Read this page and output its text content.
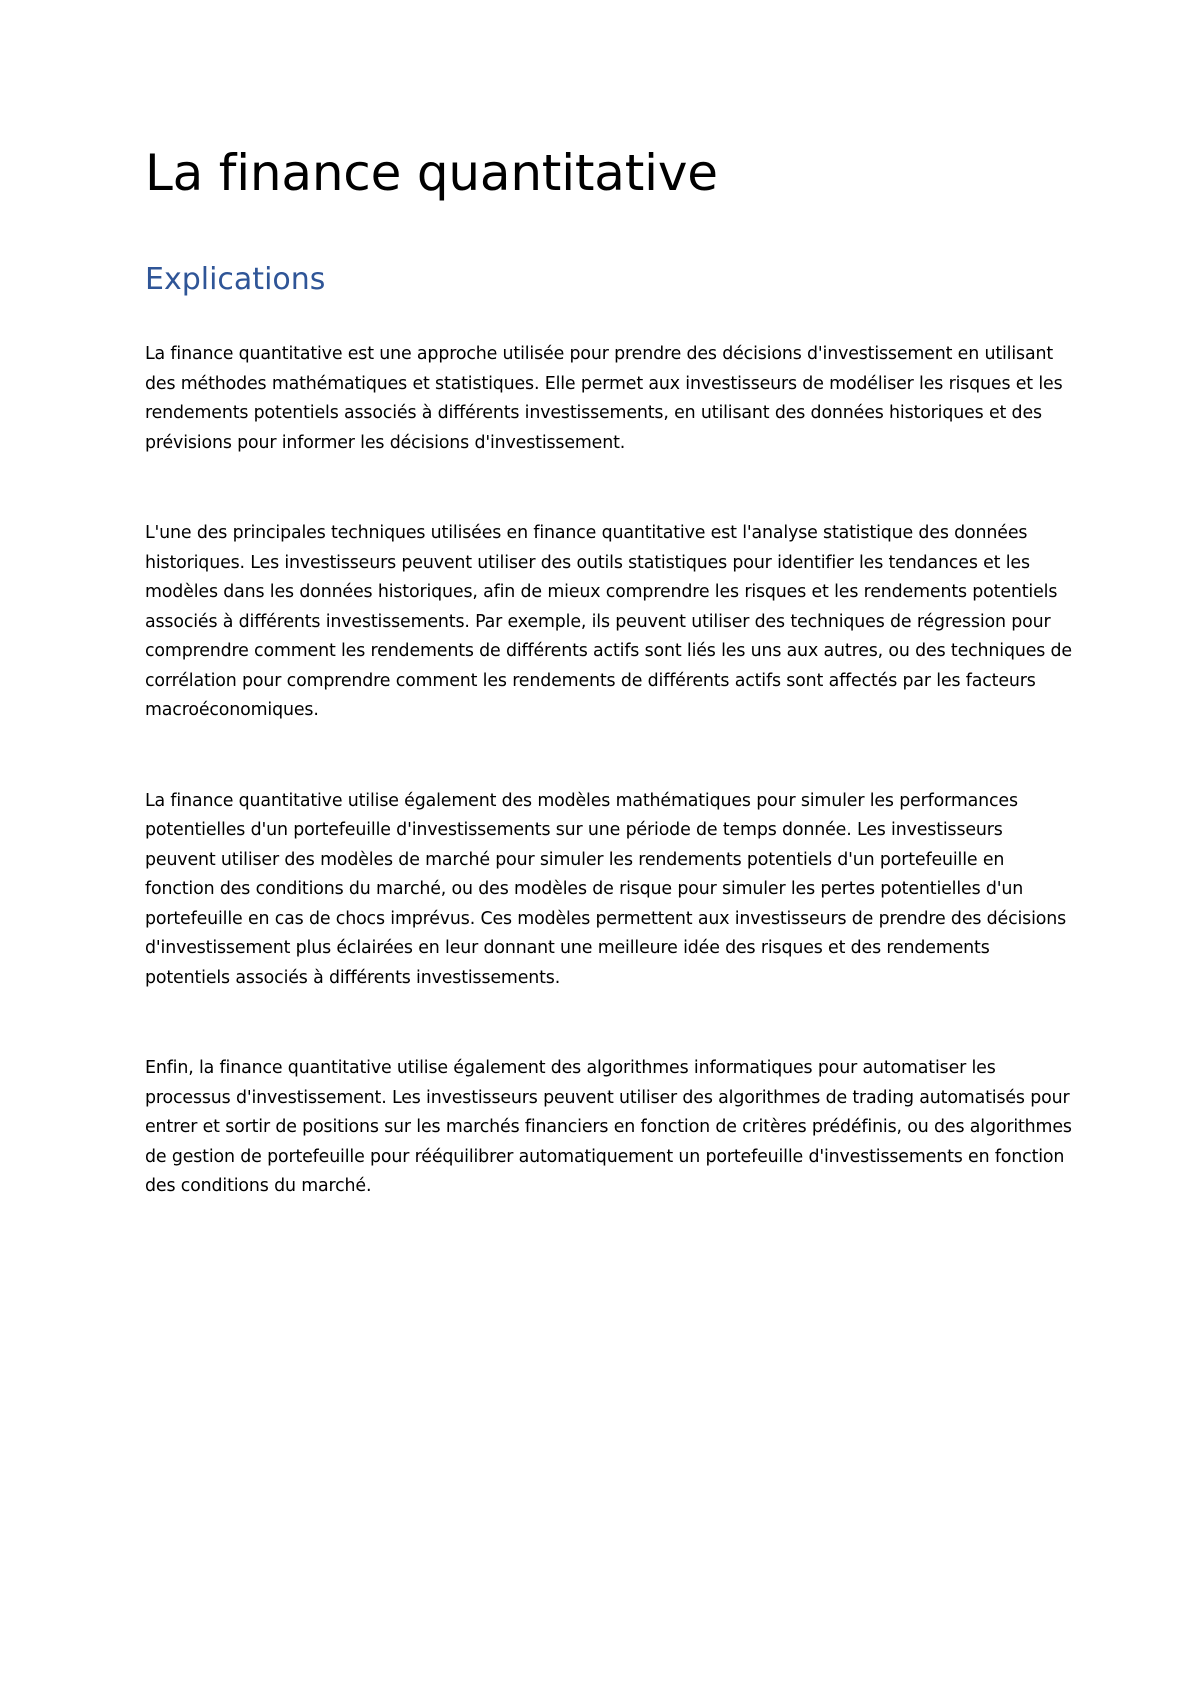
La finance quantitative
Explications

La finance quantitative est une approche utilisée pour prendre des décisions d'investissement en utilisant des méthodes mathématiques et statistiques. Elle permet aux investisseurs de modéliser les risques et les rendements potentiels associés à différents investissements, en utilisant des données historiques et des prévisions pour informer les décisions d'investissement.

L'une des principales techniques utilisées en finance quantitative est l'analyse statistique des données historiques. Les investisseurs peuvent utiliser des outils statistiques pour identifier les tendances et les modèles dans les données historiques, afin de mieux comprendre les risques et les rendements potentiels associés à différents investissements. Par exemple, ils peuvent utiliser des techniques de régression pour comprendre comment les rendements de différents actifs sont liés les uns aux autres, ou des techniques de corrélation pour comprendre comment les rendements de différents actifs sont affectés par les facteurs macroéconomiques.

La finance quantitative utilise également des modèles mathématiques pour simuler les performances potentielles d'un portefeuille d'investissements sur une période de temps donnée. Les investisseurs peuvent utiliser des modèles de marché pour simuler les rendements potentiels d'un portefeuille en fonction des conditions du marché, ou des modèles de risque pour simuler les pertes potentielles d'un portefeuille en cas de chocs imprévus. Ces modèles permettent aux investisseurs de prendre des décisions d'investissement plus éclairées en leur donnant une meilleure idée des risques et des rendements potentiels associés à différents investissements.

Enfin, la finance quantitative utilise également des algorithmes informatiques pour automatiser les processus d'investissement. Les investisseurs peuvent utiliser des algorithmes de trading automatisés pour entrer et sortir de positions sur les marchés financiers en fonction de critères prédéfinis, ou des algorithmes de gestion de portefeuille pour rééquilibrer automatiquement un portefeuille d'investissements en fonction des conditions du marché.
